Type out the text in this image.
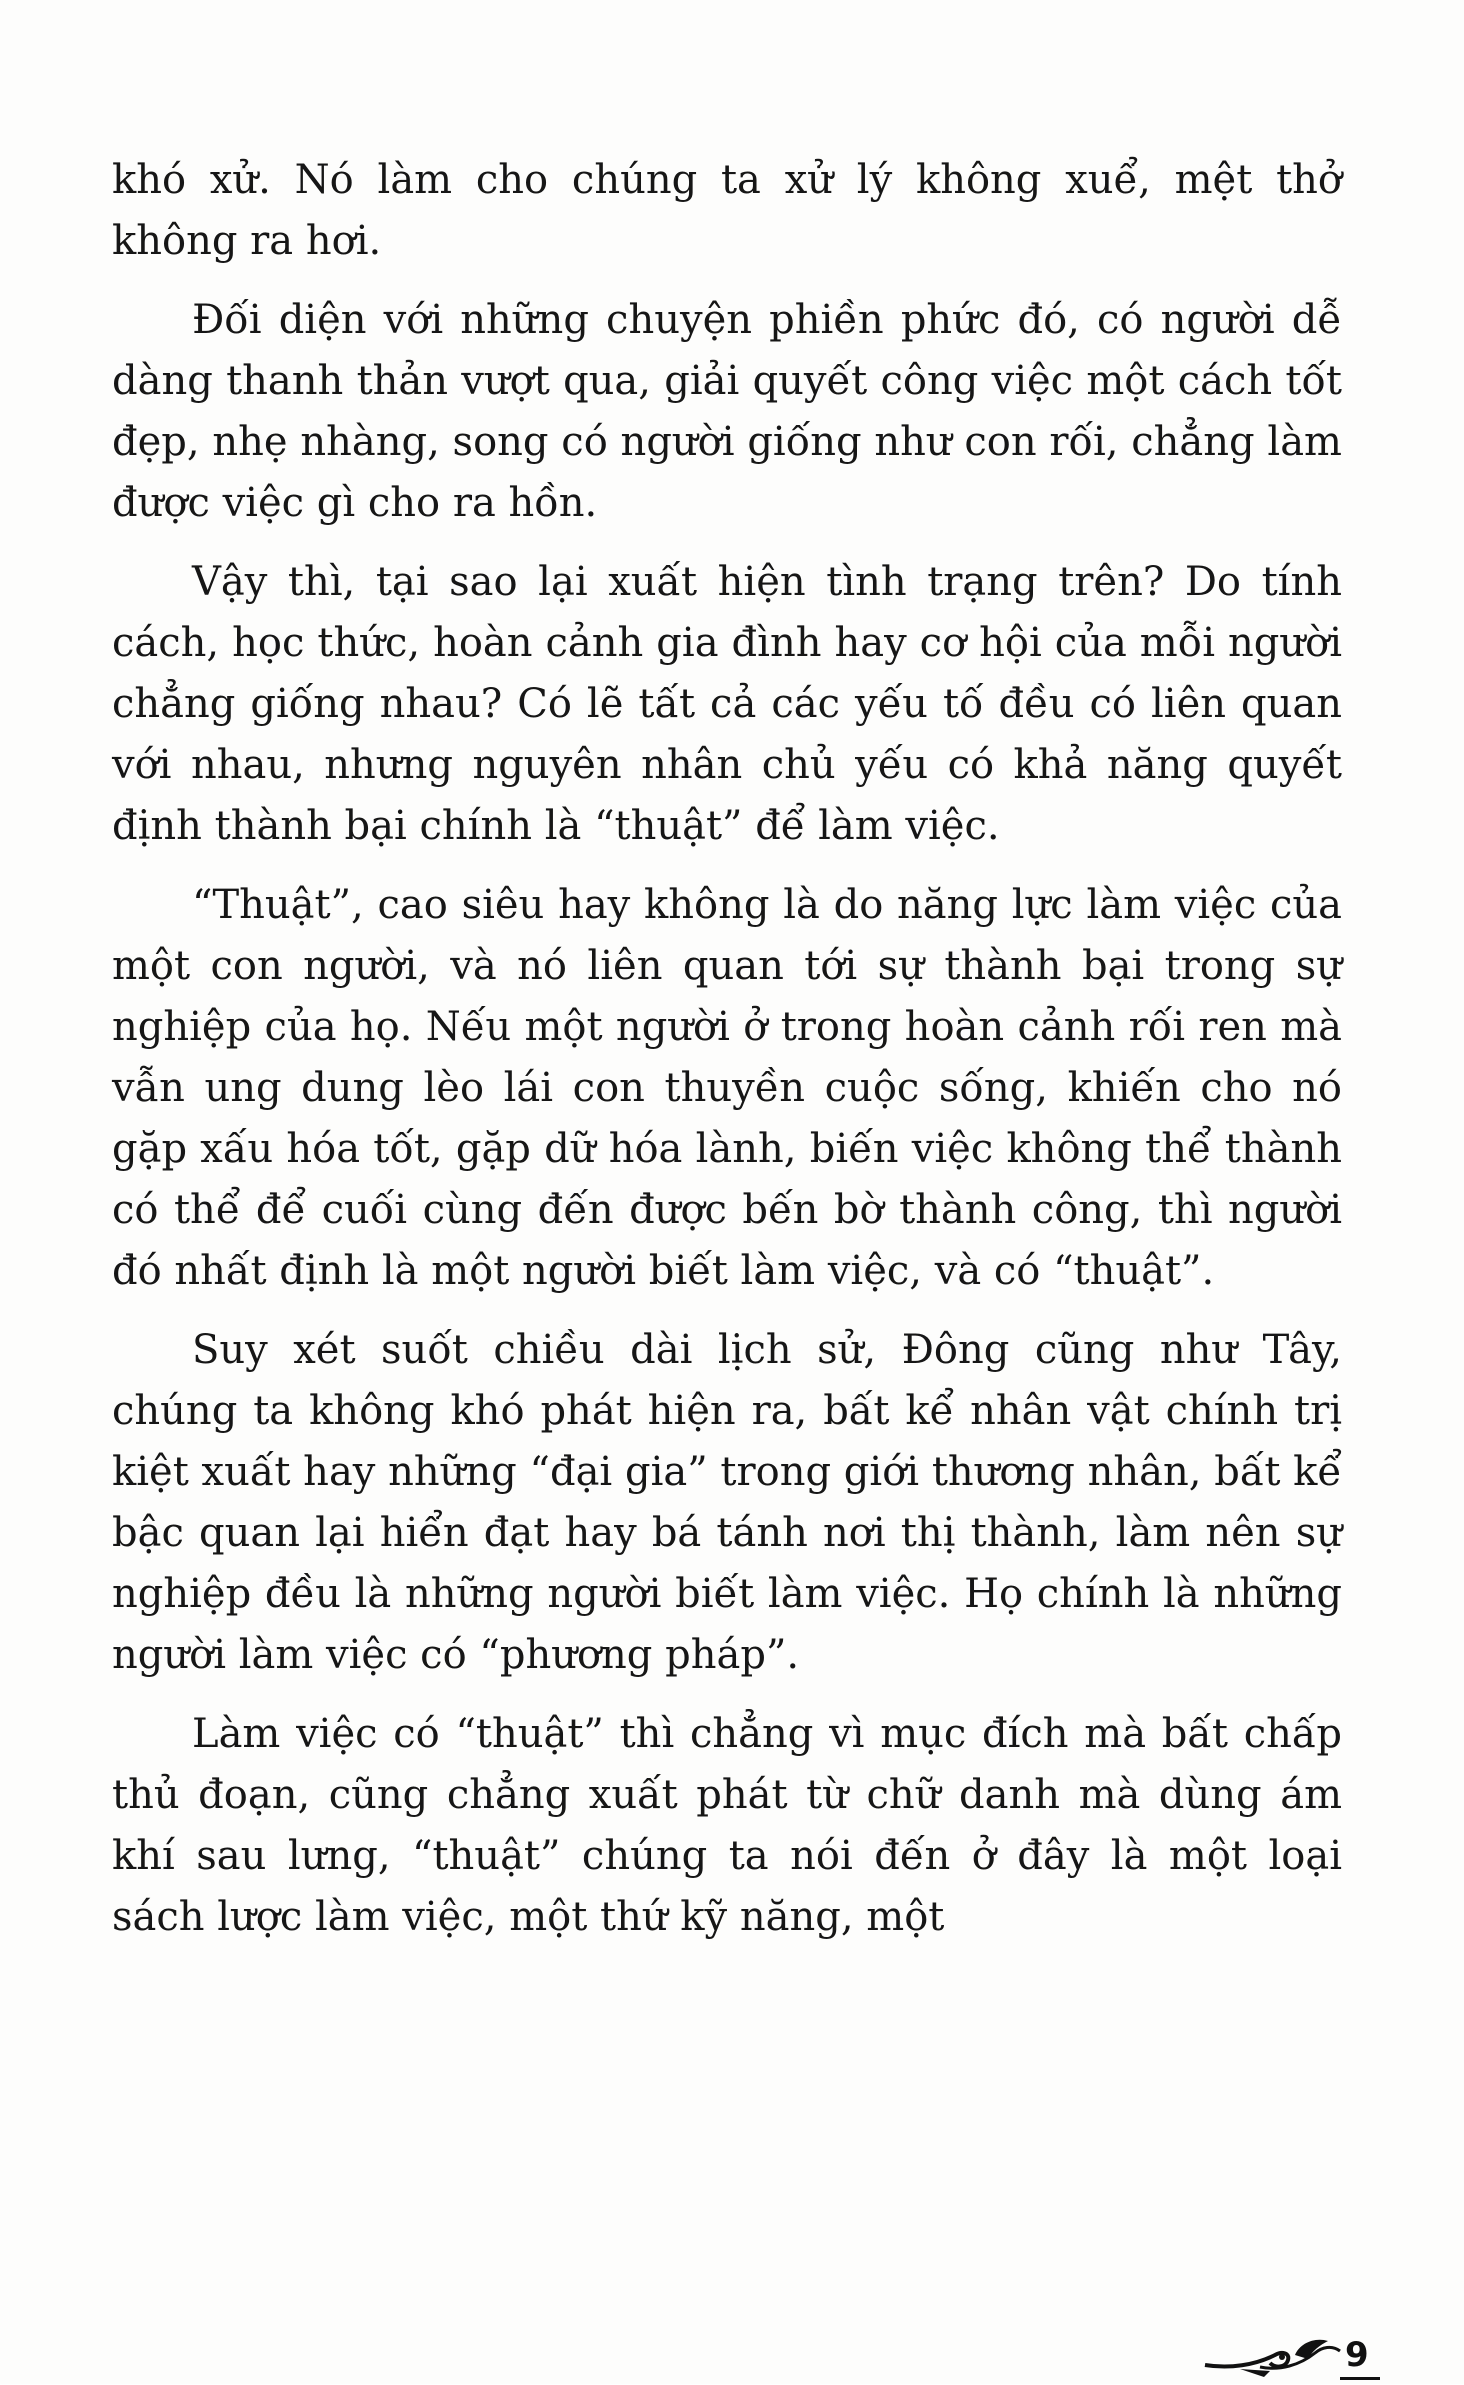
khó xử. Nó làm cho chúng ta xử lý không xuể, mệt thở không ra hơi.

Đối diện với những chuyện phiền phức đó, có người dễ dàng thanh thản vượt qua, giải quyết công việc một cách tốt đẹp, nhẹ nhàng, song có người giống như con rối, chẳng làm được việc gì cho ra hồn.

Vậy thì, tại sao lại xuất hiện tình trạng trên? Do tính cách, học thức, hoàn cảnh gia đình hay cơ hội của mỗi người chẳng giống nhau? Có lẽ tất cả các yếu tố đều có liên quan với nhau, nhưng nguyên nhân chủ yếu có khả năng quyết định thành bại chính là “thuật” để làm việc.

“Thuật”, cao siêu hay không là do năng lực làm việc của một con người, và nó liên quan tới sự thành bại trong sự nghiệp của họ. Nếu một người ở trong hoàn cảnh rối ren mà vẫn ung dung lèo lái con thuyền cuộc sống, khiến cho nó gặp xấu hóa tốt, gặp dữ hóa lành, biến việc không thể thành có thể để cuối cùng đến được bến bờ thành công, thì người đó nhất định là một người biết làm việc, và có “thuật”.

Suy xét suốt chiều dài lịch sử, Đông cũng như Tây, chúng ta không khó phát hiện ra, bất kể nhân vật chính trị kiệt xuất hay những “đại gia” trong giới thương nhân, bất kể bậc quan lại hiển đạt hay bá tánh nơi thị thành, làm nên sự nghiệp đều là những người biết làm việc. Họ chính là những người làm việc có “phương pháp”.

Làm việc có “thuật” thì chẳng vì mục đích mà bất chấp thủ đoạn, cũng chẳng xuất phát từ chữ danh mà dùng ám khí sau lưng, “thuật” chúng ta nói đến ở đây là một loại sách lược làm việc, một thứ kỹ năng, một

9
